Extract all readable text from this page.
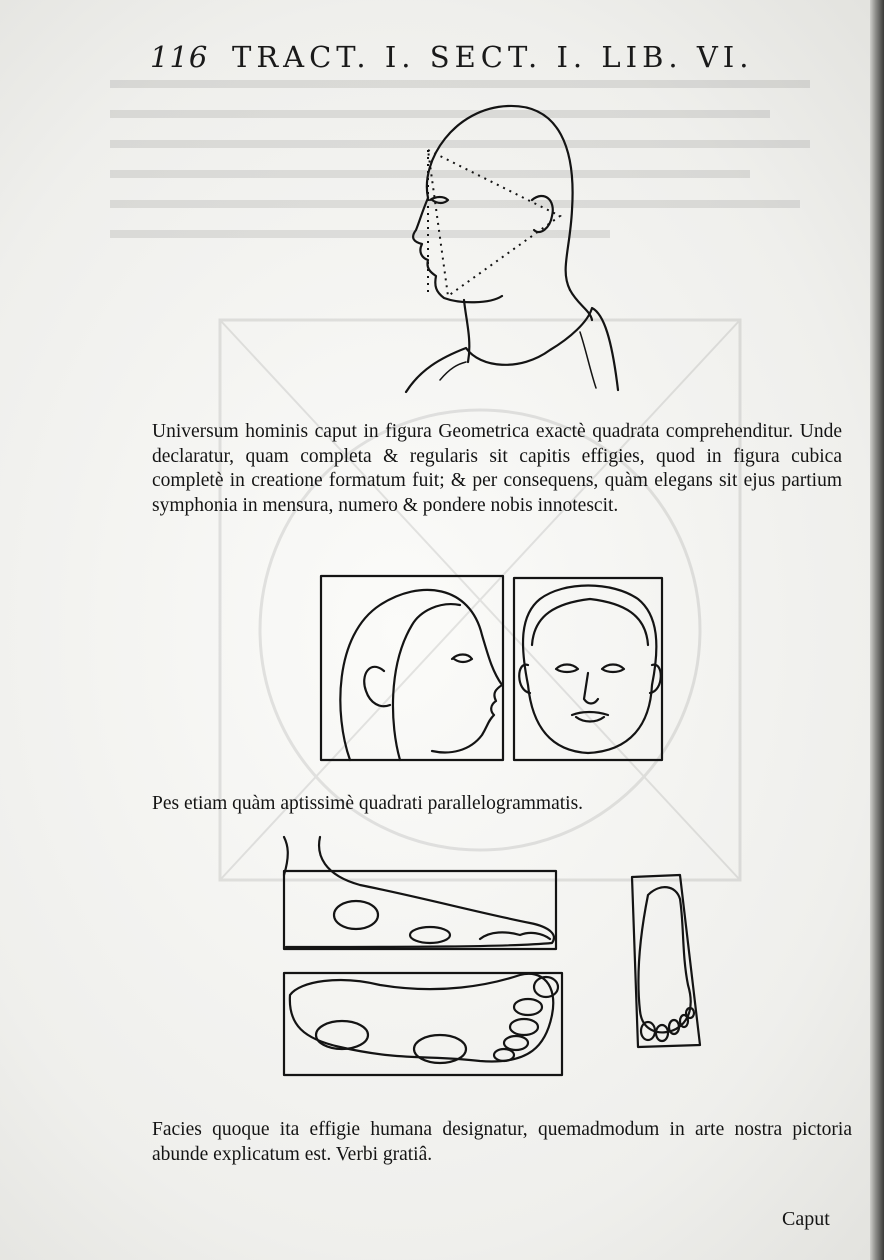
116 TRACT. I. SECT. I. LIB. VI.

Universum hominis caput in figura Geometrica exactè quadrata comprehenditur. Unde declaratur, quam completa & regularis sit capitis effigies, quod in figura cubica completè in creatione formatum fuit; & per consequens, quàm elegans sit ejus partium symphonia in mensura, numero & pondere nobis innotescit.

Pes etiam quàm aptissimè quadrati parallelogrammatis.

Facies quoque ita effigie humana designatur, quemadmodum in arte nostra pictoria abunde explicatum est. Verbi gratiâ.

Caput
